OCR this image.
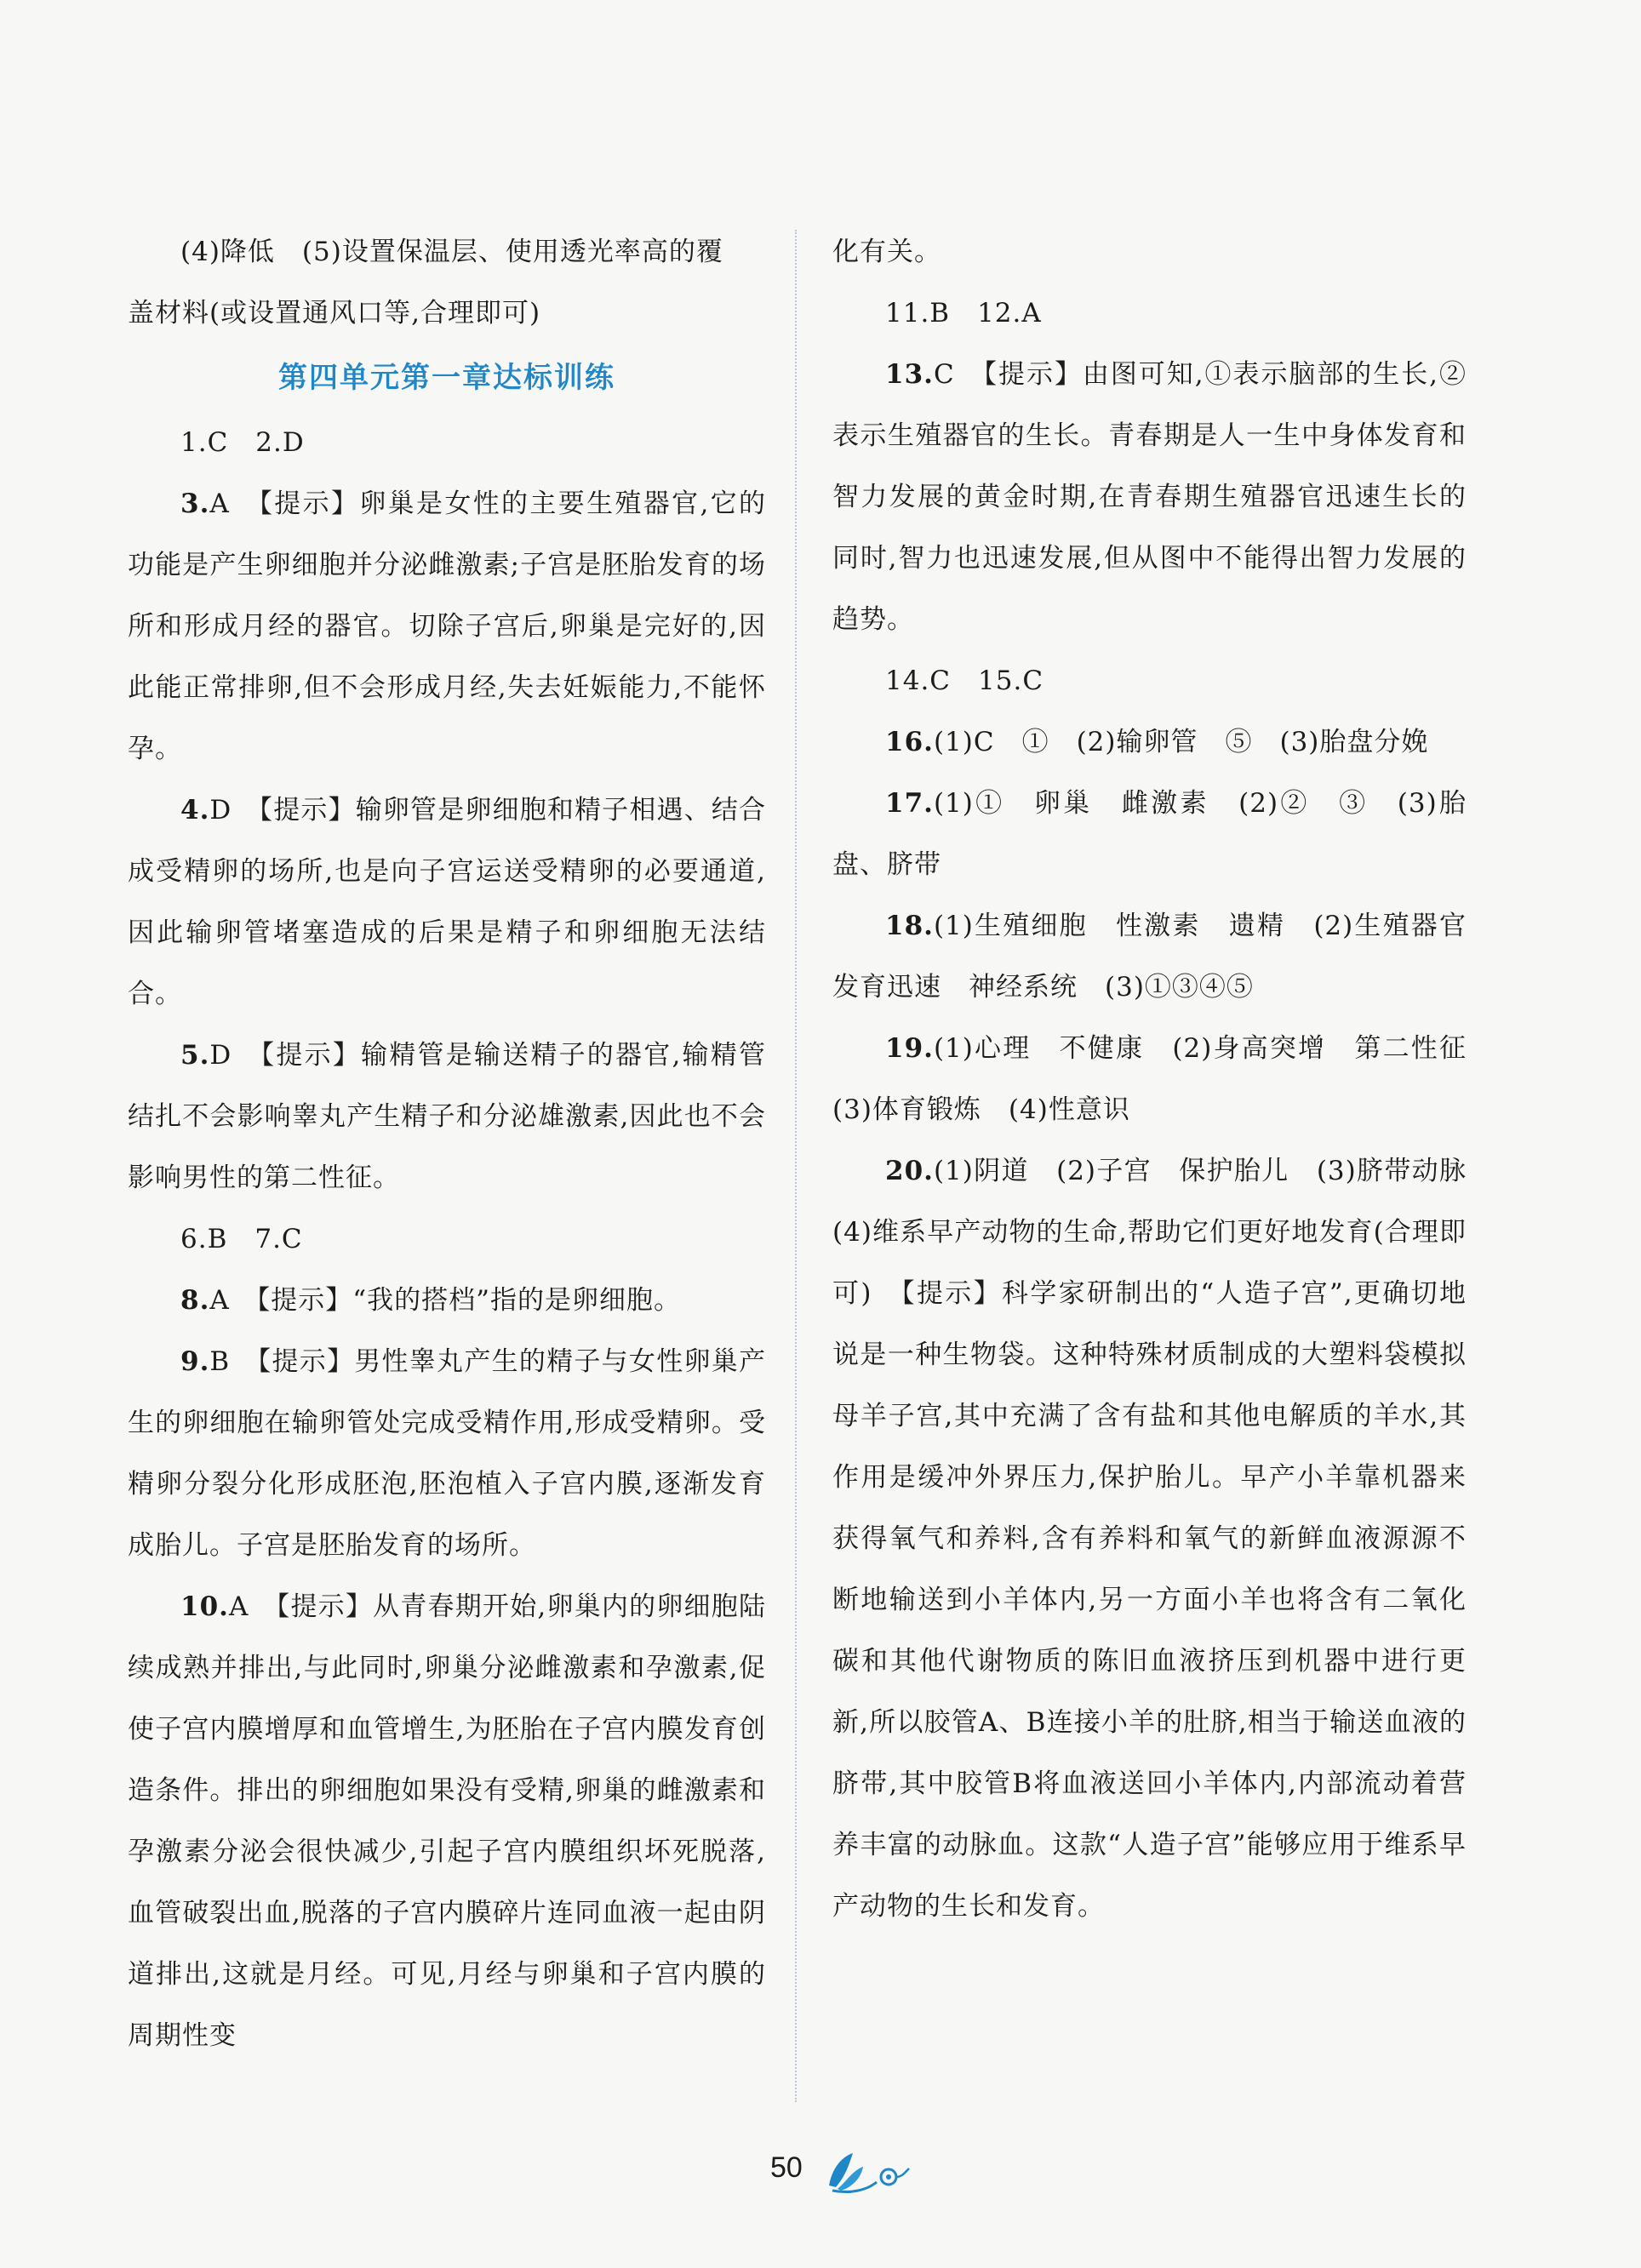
(4)降低　(5)设置保温层、使用透光率高的覆

盖材料(或设置通风口等,合理即可)

第四单元第一章达标训练

1.C　2.D

3.A　【提示】卵巢是女性的主要生殖器官,它的功能是产生卵细胞并分泌雌激素;子宫是胚胎发育的场所和形成月经的器官。切除子宫后,卵巢是完好的,因此能正常排卵,但不会形成月经,失去妊娠能力,不能怀孕。

4.D　【提示】输卵管是卵细胞和精子相遇、结合成受精卵的场所,也是向子宫运送受精卵的必要通道,因此输卵管堵塞造成的后果是精子和卵细胞无法结合。

5.D　【提示】输精管是输送精子的器官,输精管结扎不会影响睾丸产生精子和分泌雄激素,因此也不会影响男性的第二性征。

6.B　7.C

8.A　【提示】“我的搭档”指的是卵细胞。

9.B　【提示】男性睾丸产生的精子与女性卵巢产生的卵细胞在输卵管处完成受精作用,形成受精卵。受精卵分裂分化形成胚泡,胚泡植入子宫内膜,逐渐发育成胎儿。子宫是胚胎发育的场所。

10.A　【提示】从青春期开始,卵巢内的卵细胞陆续成熟并排出,与此同时,卵巢分泌雌激素和孕激素,促使子宫内膜增厚和血管增生,为胚胎在子宫内膜发育创造条件。排出的卵细胞如果没有受精,卵巢的雌激素和孕激素分泌会很快减少,引起子宫内膜组织坏死脱落,血管破裂出血,脱落的子宫内膜碎片连同血液一起由阴道排出,这就是月经。可见,月经与卵巢和子宫内膜的周期性变

化有关。

11.B　12.A

13.C　【提示】由图可知,①表示脑部的生长,②表示生殖器官的生长。青春期是人一生中身体发育和智力发展的黄金时期,在青春期生殖器官迅速生长的同时,智力也迅速发展,但从图中不能得出智力发展的趋势。

14.C　15.C

16.(1)C　①　(2)输卵管　⑤　(3)胎盘分娩

17.(1)①　卵巢　雌激素　(2)②　③　(3)胎盘、脐带

18.(1)生殖细胞　性激素　遗精　(2)生殖器官发育迅速　神经系统　(3)①③④⑤

19.(1)心理　不健康　(2)身高突增　第二性征　(3)体育锻炼　(4)性意识

20.(1)阴道　(2)子宫　保护胎儿　(3)脐带动脉　(4)维系早产动物的生命,帮助它们更好地发育(合理即可)　【提示】科学家研制出的“人造子宫”,更确切地说是一种生物袋。这种特殊材质制成的大塑料袋模拟母羊子宫,其中充满了含有盐和其他电解质的羊水,其作用是缓冲外界压力,保护胎儿。早产小羊靠机器来获得氧气和养料,含有养料和氧气的新鲜血液源源不断地输送到小羊体内,另一方面小羊也将含有二氧化碳和其他代谢物质的陈旧血液挤压到机器中进行更新,所以胶管A、B连接小羊的肚脐,相当于输送血液的脐带,其中胶管B将血液送回小羊体内,内部流动着营养丰富的动脉血。这款“人造子宫”能够应用于维系早产动物的生长和发育。

50
